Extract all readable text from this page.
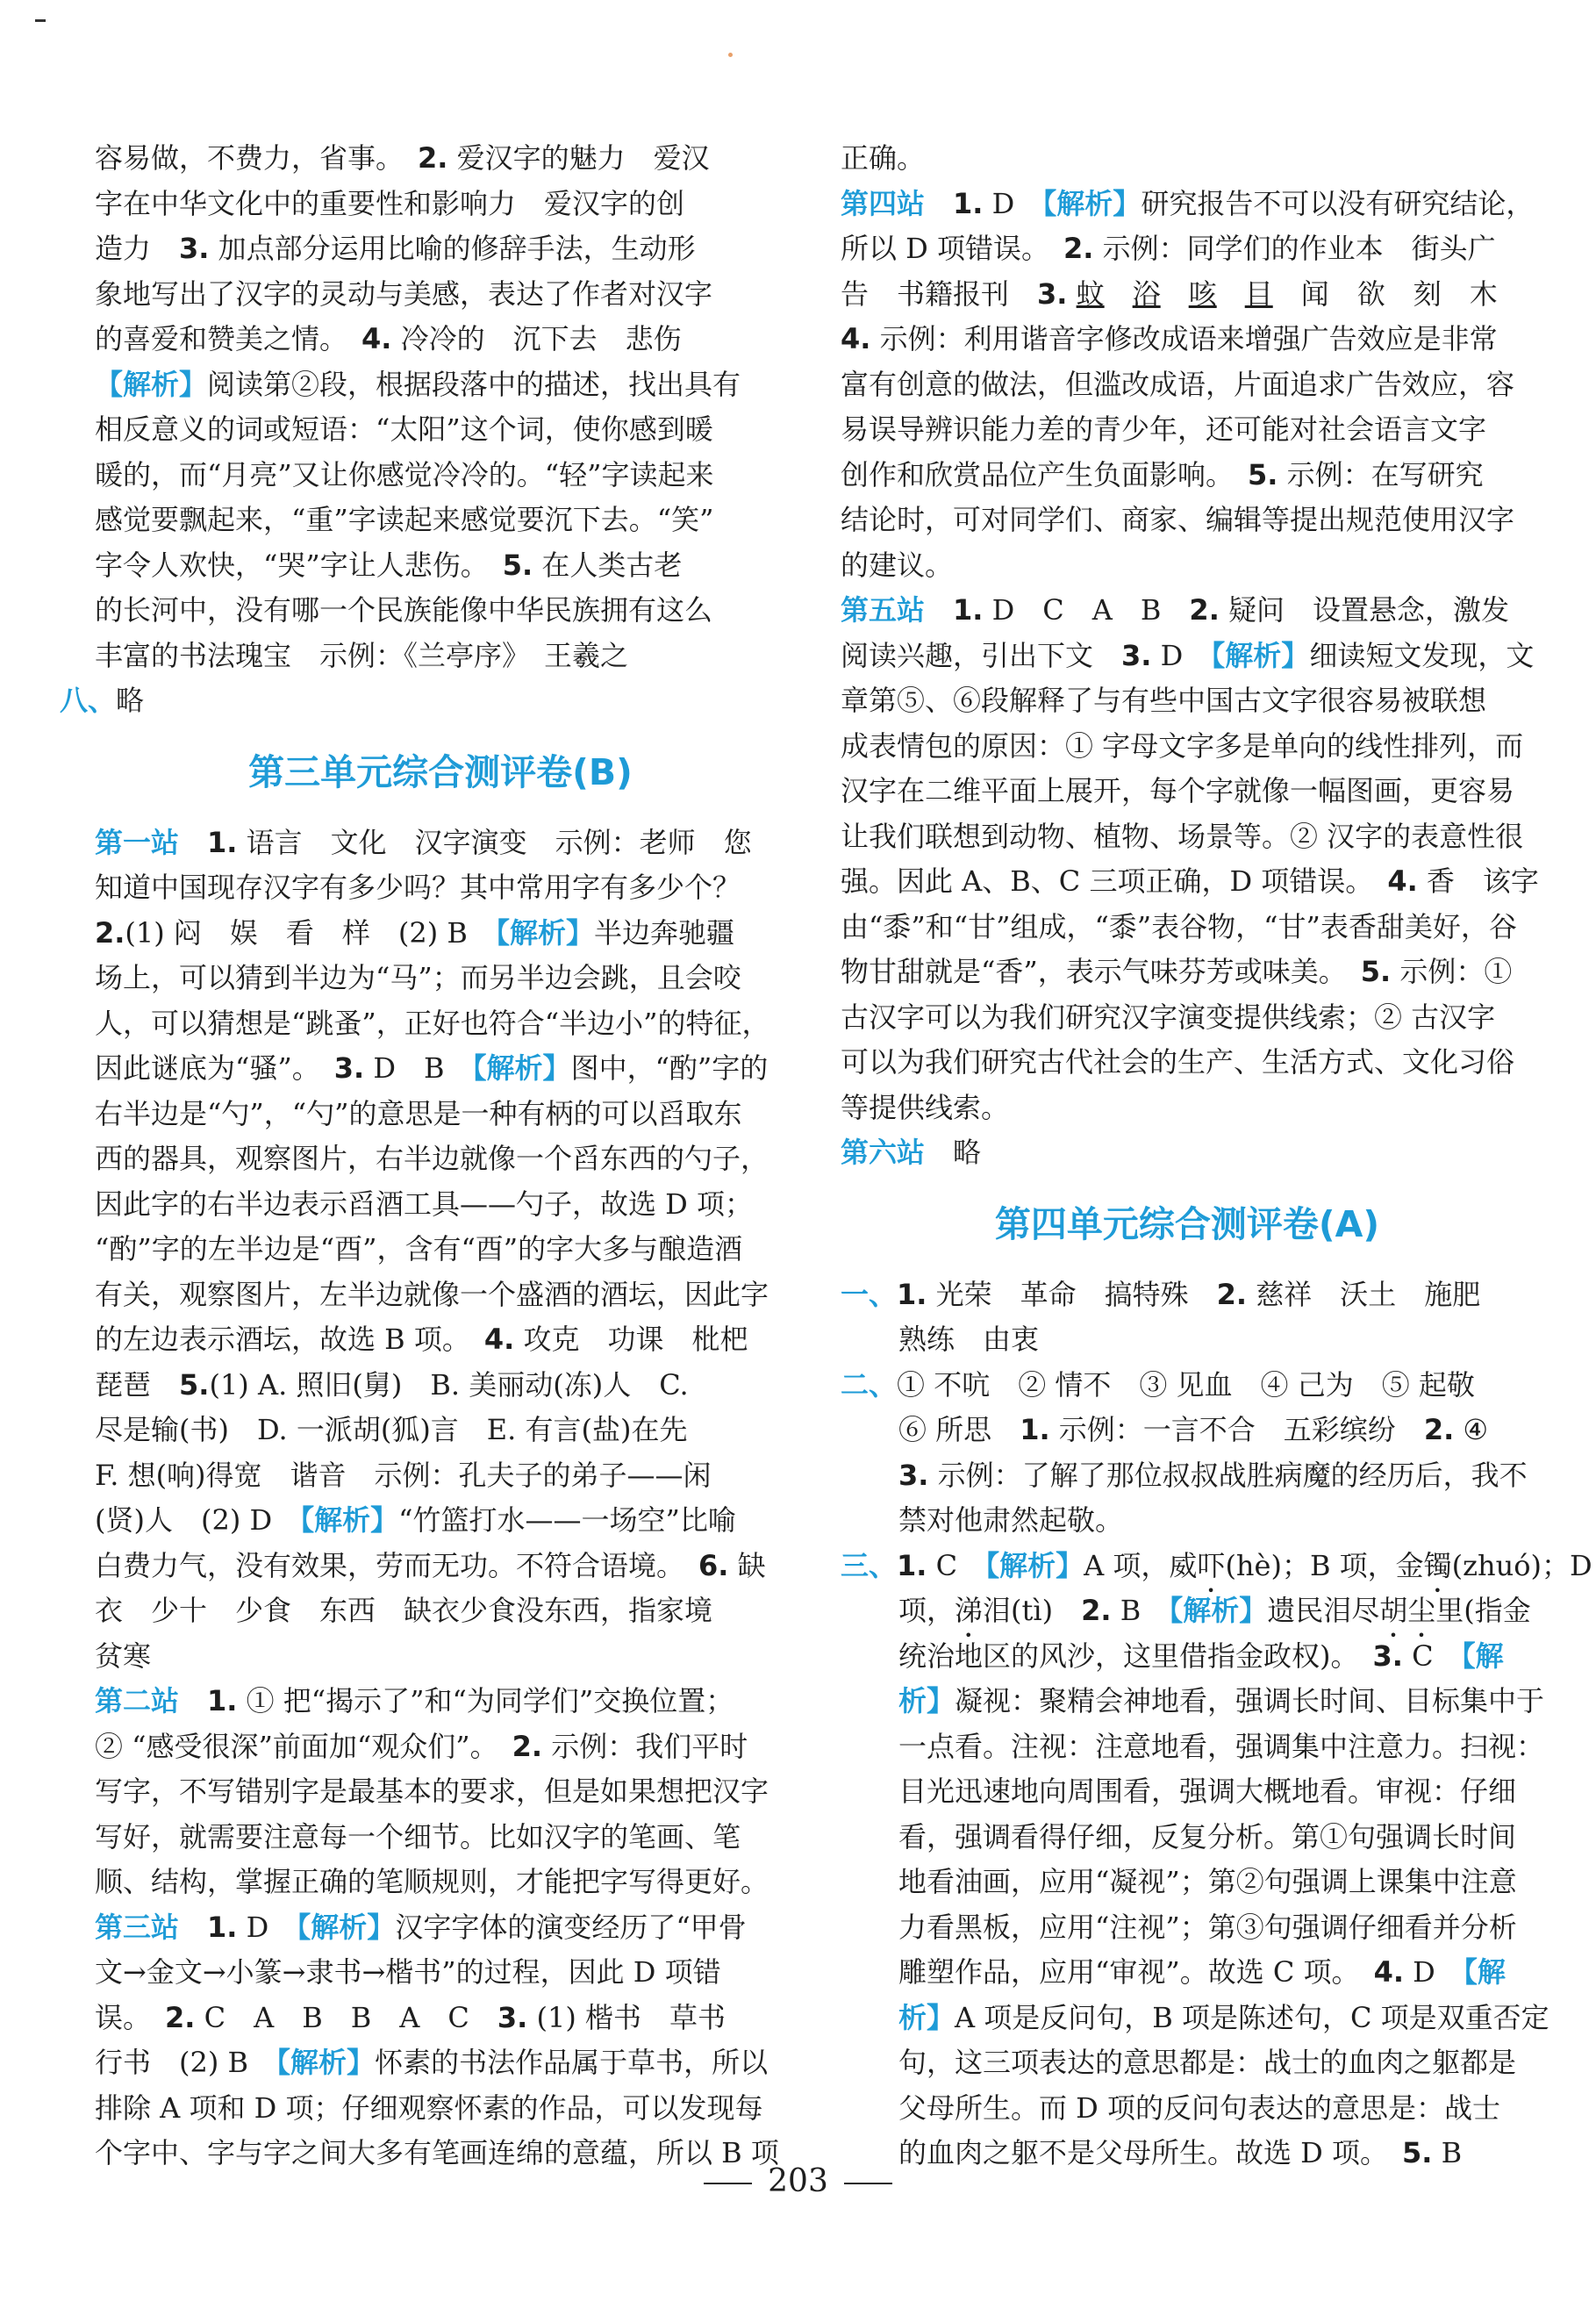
容易做，不费力，省事。　 2. 爱汉字的魅力　爱汉

字在中华文化中的重要性和影响力　爱汉字的创

造力　 3. 加点部分运用比喻的修辞手法，生动形

象地写出了汉字的灵动与美感，表达了作者对汉字

的喜爱和赞美之情。　 4. 冷冷的　沉下去　悲伤

【解析】阅读第②段，根据段落中的描述，找出具有

相反意义的词或短语：“太阳”这个词，使你感到暖

暖的，而“月亮”又让你感觉冷冷的。“轻”字读起来

感觉要飘起来，“重”字读起来感觉要沉下去。“笑”

字令人欢快，“哭”字让人悲伤。　 5. 在人类古老

的长河中，没有哪一个民族能像中华民族拥有这么

丰富的书法瑰宝　示例：《兰亭序》　王羲之

八、略

第三单元综合测评卷(B)

第一站　 1. 语言　文化　汉字演变　示例：老师　您

知道中国现存汉字有多少吗？其中常用字有多少个？

2.(1) 闷　娱　看　样　(2) B　 【解析】半边奔驰疆

场上，可以猜到半边为“马”；而另半边会跳，且会咬

人，可以猜想是“跳蚤”，正好也符合“半边小”的特征，

因此谜底为“骚”。　 3. D　B　 【解析】图中，“酌”字的

右半边是“勺”，“勺”的意思是一种有柄的可以舀取东

西的器具，观察图片，右半边就像一个舀东西的勺子，

因此字的右半边表示舀酒工具——勺子，故选 D 项；

“酌”字的左半边是“酉”，含有“酉”的字大多与酿造酒

有关，观察图片，左半边就像一个盛酒的酒坛，因此字

的左边表示酒坛，故选 B 项。　 4. 攻克　功课　枇杷

琵琶　 5.(1) A. 照旧(舅)　B. 美丽动(冻)人　C.

尽是输(书)　D. 一派胡(狐)言　E. 有言(盐)在先

F. 想(响)得宽　谐音　示例：孔夫子的弟子——闲

(贤)人　(2) D　 【解析】“竹篮打水——一场空”比喻

白费力气，没有效果，劳而无功。不符合语境。　 6. 缺

衣　少十　少食　东西　缺衣少食没东西，指家境

贫寒

第二站　 1. ① 把“揭示了”和“为同学们”交换位置；

② “感受很深”前面加“观众们”。　 2. 示例：我们平时

写字，不写错别字是最基本的要求，但是如果想把汉字

写好，就需要注意每一个细节。比如汉字的笔画、笔

顺、结构，掌握正确的笔顺规则，才能把字写得更好。

第三站　 1. D　 【解析】汉字字体的演变经历了“甲骨

文→金文→小篆→隶书→楷书”的过程，因此 D 项错

误。　 2. C　A　B　B　A　C　 3. (1) 楷书　草书

行书　(2) B　 【解析】怀素的书法作品属于草书，所以

排除 A 项和 D 项；仔细观察怀素的作品，可以发现每

个字中、字与字之间大多有笔画连绵的意蕴，所以 B 项

正确。

第四站　 1. D　 【解析】研究报告不可以没有研究结论，

所以 D 项错误。　 2. 示例：同学们的作业本　街头广

告　书籍报刊　 3. 蚊　 浴　 咳　 目　 闻　欲　刻　木

4. 示例：利用谐音字修改成语来增强广告效应是非常

富有创意的做法，但滥改成语，片面追求广告效应，容

易误导辨识能力差的青少年，还可能对社会语言文字

创作和欣赏品位产生负面影响。　 5. 示例：在写研究

结论时，可对同学们、商家、编辑等提出规范使用汉字

的建议。

第五站　 1. D　C　A　B　 2. 疑问　设置悬念，激发

阅读兴趣，引出下文　 3. D　 【解析】细读短文发现，文

章第⑤、⑥段解释了与有些中国古文字很容易被联想

成表情包的原因：① 字母文字多是单向的线性排列，而

汉字在二维平面上展开，每个字就像一幅图画，更容易

让我们联想到动物、植物、场景等。② 汉字的表意性很

强。因此 A、B、C 三项正确，D 项错误。　 4. 香　该字

由“黍”和“甘”组成，“黍”表谷物，“甘”表香甜美好，谷

物甘甜就是“香”，表示气味芬芳或味美。　 5. 示例：①

古汉字可以为我们研究汉字演变提供线索；② 古汉字

可以为我们研究古代社会的生产、生活方式、文化习俗

等提供线索。

第六站　 略

第四单元综合测评卷(A)

一、1. 光荣　革命　搞特殊　 2. 慈祥　沃土　施肥

熟练　由衷

二、① 不吭　② 情不　③ 见血　④ 己为　⑤ 起敬

⑥ 所思　 1. 示例：一言不合　五彩缤纷　 2. ④

3. 示例：了解了那位叔叔战胜病魔的经历后，我不

禁对他肃然起敬。

三、1. C　 【解析】A 项，威吓(hè)；B 项，金镯(zhuó)；D

项，涕泪(tì)　 2. B　 【解析】遗民泪尽胡尘里(指金

统治地区的风沙，这里借指金政权)。　 3. C　 【解

析】凝视：聚精会神地看，强调长时间、目标集中于

一点看。注视：注意地看，强调集中注意力。扫视：

目光迅速地向周围看，强调大概地看。审视：仔细

看，强调看得仔细，反复分析。第①句强调长时间

地看油画，应用“凝视”；第②句强调上课集中注意

力看黑板，应用“注视”；第③句强调仔细看并分析

雕塑作品，应用“审视”。故选 C 项。　 4. D　 【解

析】A 项是反问句，B 项是陈述句，C 项是双重否定

句，这三项表达的意思都是：战士的血肉之躯都是

父母所生。而 D 项的反问句表达的意思是：战士

的血肉之躯不是父母所生。故选 D 项。　 5. B

203
